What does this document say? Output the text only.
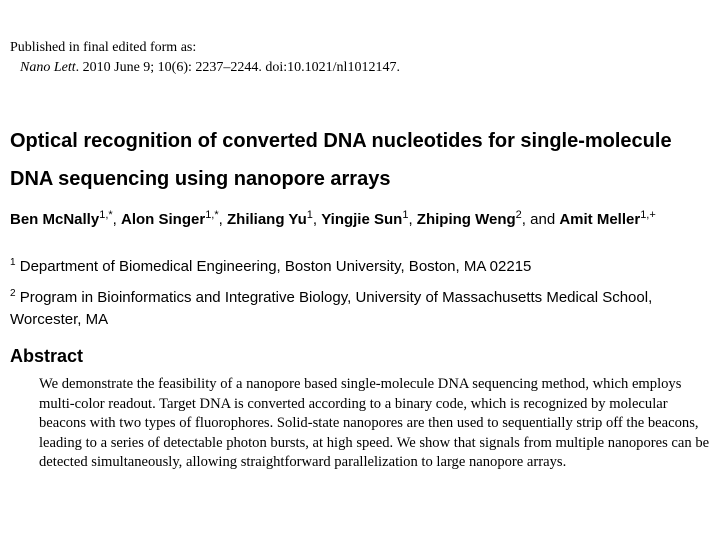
Published in final edited form as:
Nano Lett. 2010 June 9; 10(6): 2237–2244. doi:10.1021/nl1012147.
Optical recognition of converted DNA nucleotides for single-molecule DNA sequencing using nanopore arrays
Ben McNally$^{1,*}$, Alon Singer$^{1,*}$, Zhiliang Yu$^1$, Yingjie Sun$^1$, Zhiping Weng$^2$, and Amit Meller$^{1,+}$
$^1$ Department of Biomedical Engineering, Boston University, Boston, MA 02215
$^2$ Program in Bioinformatics and Integrative Biology, University of Massachusetts Medical School, Worcester, MA
Abstract

We demonstrate the feasibility of a nanopore based single-molecule DNA sequencing method, which employs multi-color readout. Target DNA is converted according to a binary code, which is recognized by molecular beacons with two types of fluorophores. Solid-state nanopores are then used to sequentially strip off the beacons, leading to a series of detectable photon bursts, at high speed. We show that signals from multiple nanopores can be detected simultaneously, allowing straightforward parallelization to large nanopore arrays.
